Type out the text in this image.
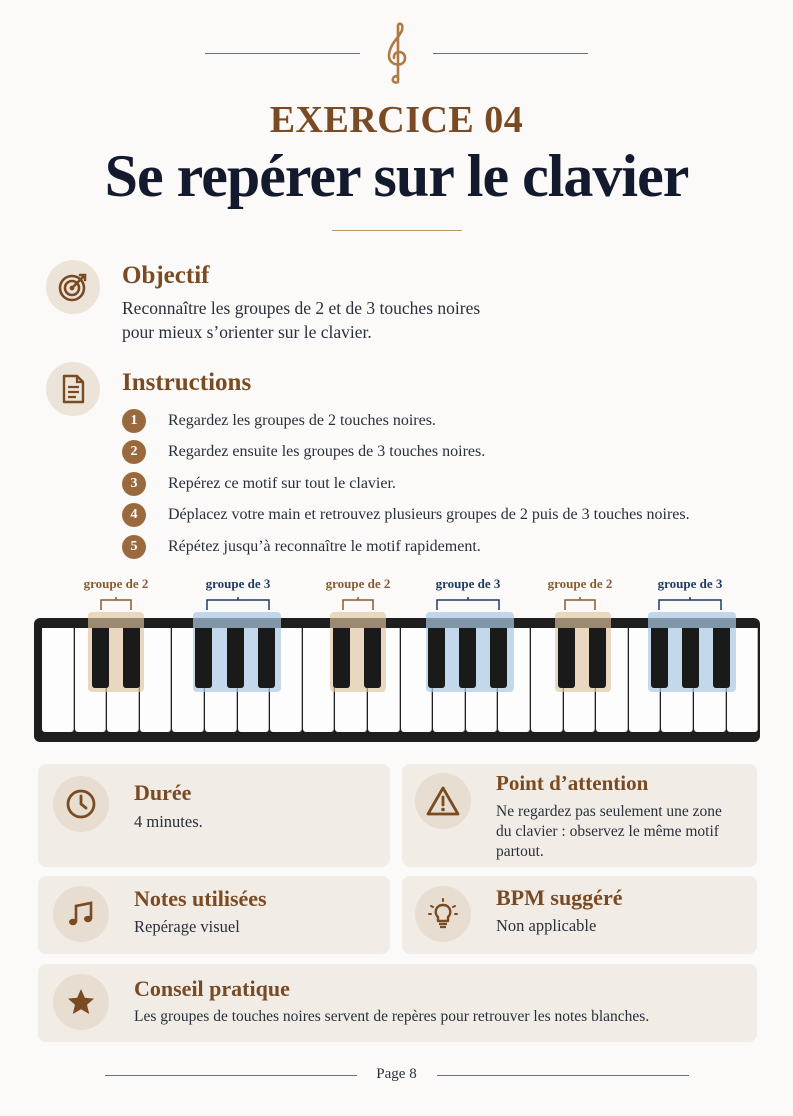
EXERCICE 04
Se repérer sur le clavier
Objectif
Reconnaître les groupes de 2 et de 3 touches noires
pour mieux s’orienter sur le clavier.
Instructions
1	Regardez les groupes de 2 touches noires.
2	Regardez ensuite les groupes de 3 touches noires.
3	Repérez ce motif sur tout le clavier.
4	Déplacez votre main et retrouvez plusieurs groupes de 2 puis de 3 touches noires.
5	Répétez jusqu’à reconnaître le motif rapidement.
groupe de 2	groupe de 3	groupe de 2	groupe de 3	groupe de 2	groupe de 3
Durée
4 minutes.
Point d’attention
Ne regardez pas seulement une zone
du clavier : observez le même motif
partout.
Notes utilisées
Repérage visuel
BPM suggéré
Non applicable
Conseil pratique
Les groupes de touches noires servent de repères pour retrouver les notes blanches.
Page 8
